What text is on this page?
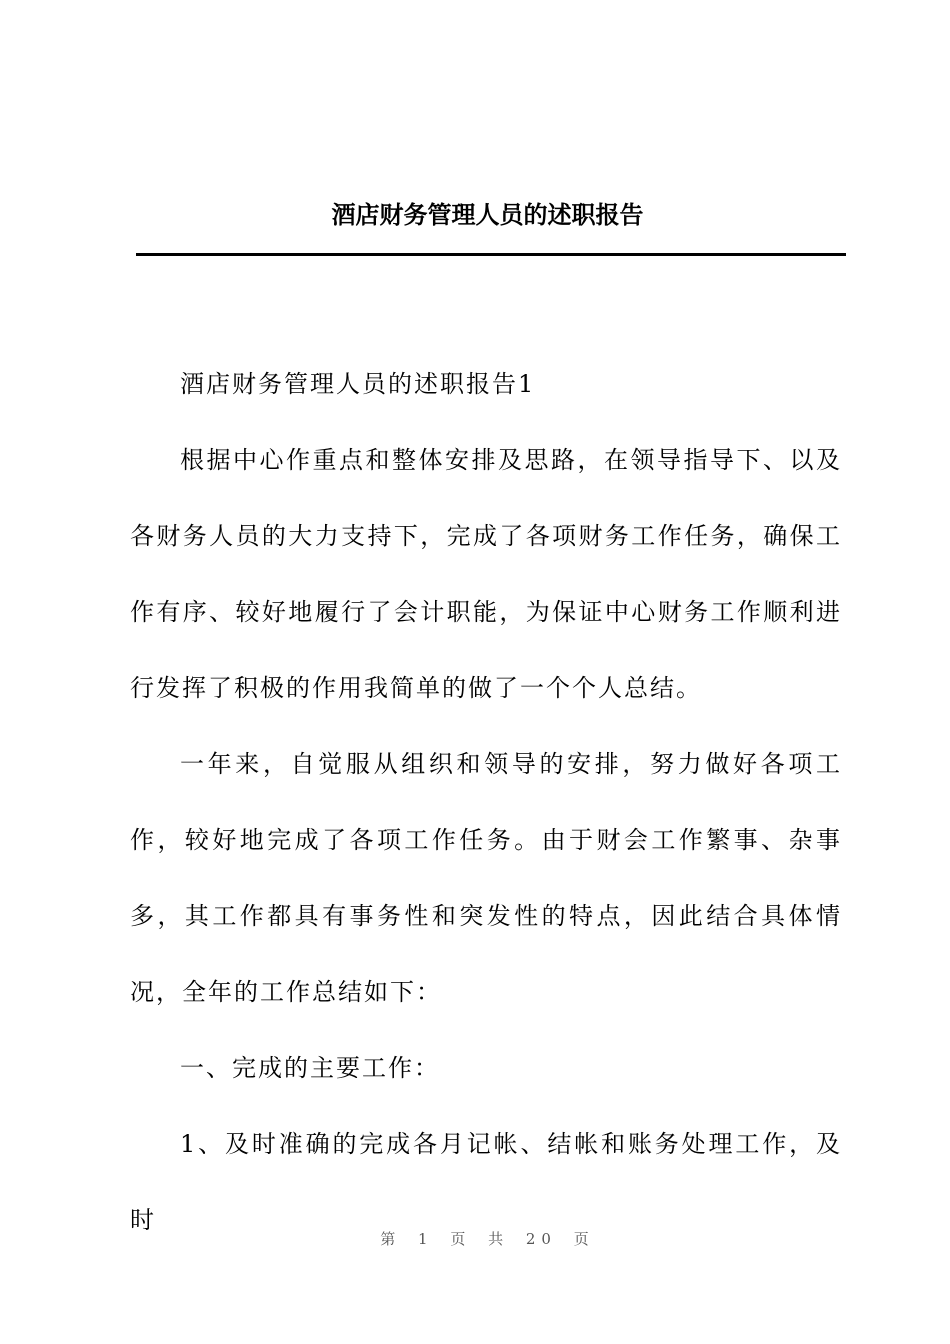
酒店财务管理人员的述职报告

酒店财务管理人员的述职报告1

根据中心作重点和整体安排及思路，在领导指导下、以及各财务人员的大力支持下，完成了各项财务工作任务，确保工作有序、较好地履行了会计职能，为保证中心财务工作顺利进行发挥了积极的作用我简单的做了一个个人总结。

一年来，自觉服从组织和领导的安排，努力做好各项工作，较好地完成了各项工作任务。由于财会工作繁事、杂事多，其工作都具有事务性和突发性的特点，因此结合具体情况，全年的工作总结如下：

一、完成的主要工作：

1、及时准确的完成各月记帐、结帐和账务处理工作，及时

第 1 页 共 20 页
